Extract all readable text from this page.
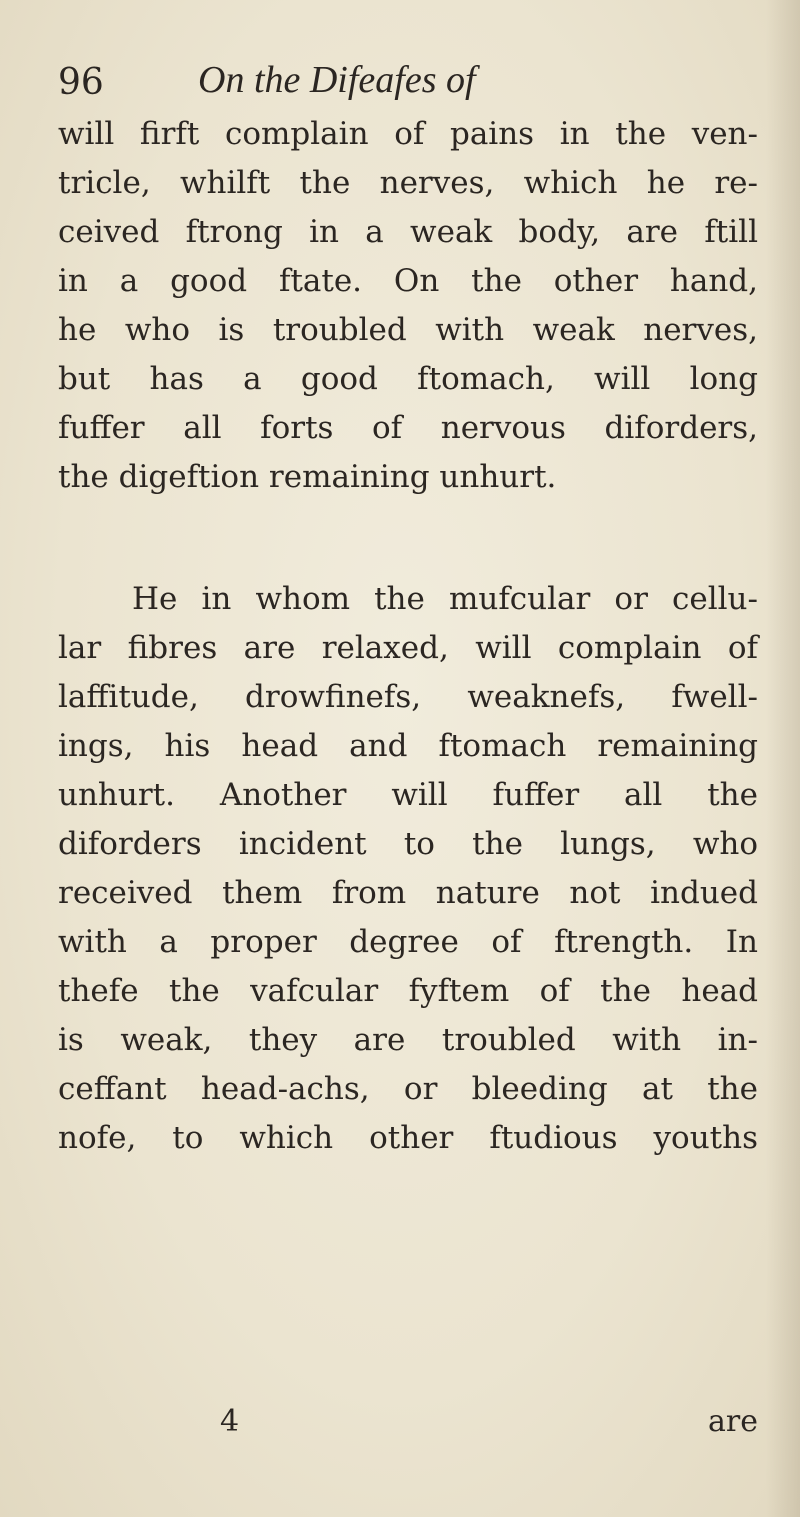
96 On the Difeafes of
will firft complain of pains in the ven-
tricle, whilft the nerves, which he re-
ceived ftrong in a weak body, are ftill
in a good ftate. On the other hand,
he who is troubled with weak nerves,
but has a good ftomach, will long
fuffer all forts of nervous diforders,
the digeftion remaining unhurt.
He in whom the mufcular or cellu-
lar fibres are relaxed, will complain of
laffitude, drowfinefs, weaknefs, fwell-
ings, his head and ftomach remaining
unhurt. Another will fuffer all the
diforders incident to the lungs, who
received them from nature not indued
with a proper degree of ftrength. In
thefe the vafcular fyftem of the head
is weak, they are troubled with in-
ceffant head-achs, or bleeding at the
nofe, to which other ftudious youths
4	are
